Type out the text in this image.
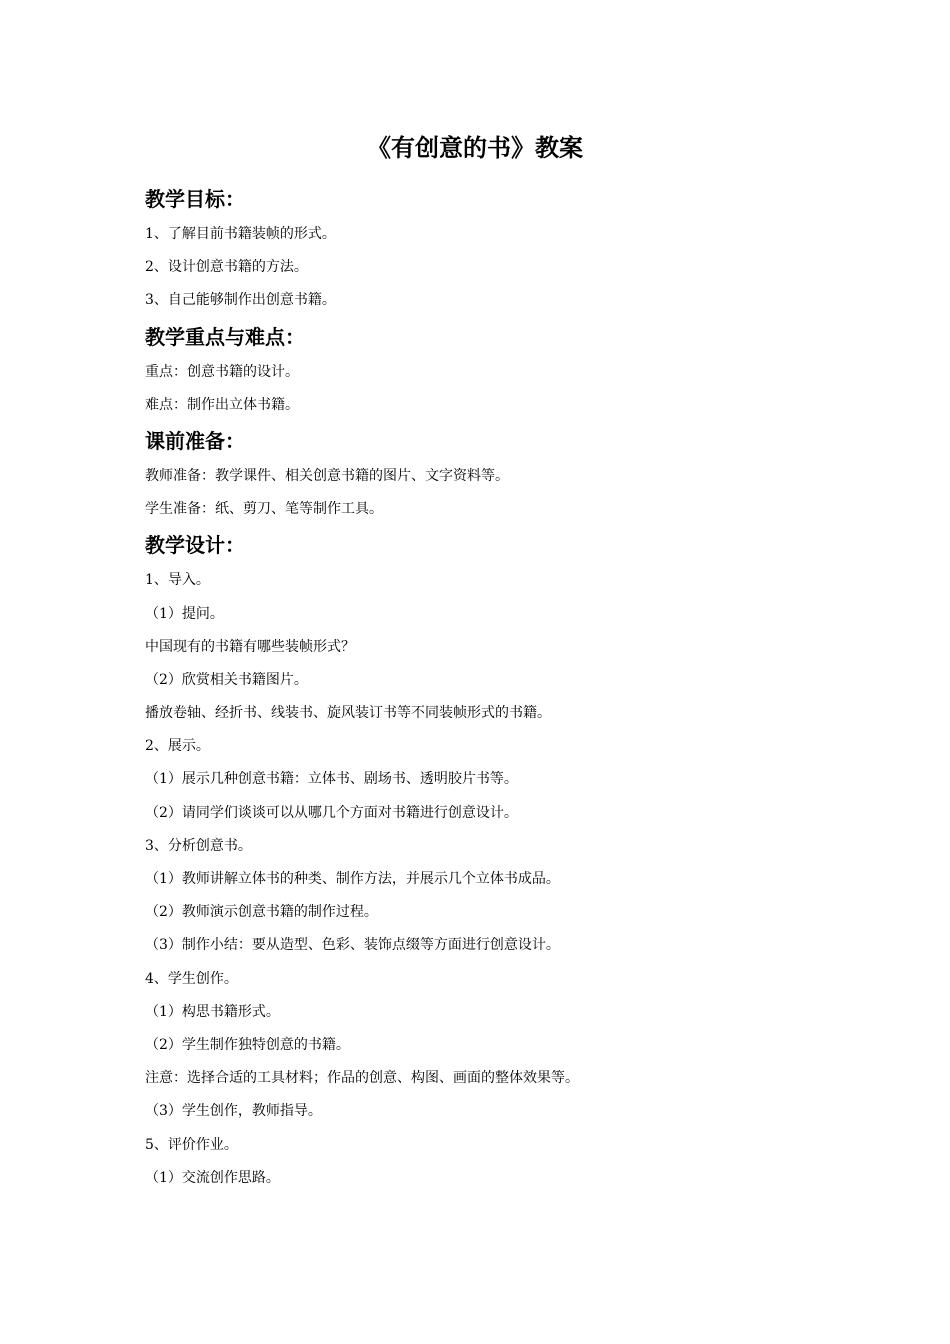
《有创意的书》教案
教学目标：

1、了解目前书籍装帧的形式。

2、设计创意书籍的方法。

3、自己能够制作出创意书籍。

教学重点与难点：

重点：创意书籍的设计。

难点：制作出立体书籍。

课前准备：

教师准备：教学课件、相关创意书籍的图片、文字资料等。

学生准备：纸、剪刀、笔等制作工具。

教学设计：

1、导入。

（1）提问。

中国现有的书籍有哪些装帧形式？

（2）欣赏相关书籍图片。

播放卷轴、经折书、线装书、旋风装订书等不同装帧形式的书籍。

2、展示。

（1）展示几种创意书籍：立体书、剧场书、透明胶片书等。

（2）请同学们谈谈可以从哪几个方面对书籍进行创意设计。

3、分析创意书。

（1）教师讲解立体书的种类、制作方法，并展示几个立体书成品。

（2）教师演示创意书籍的制作过程。

（3）制作小结：要从造型、色彩、装饰点缀等方面进行创意设计。

4、学生创作。

（1）构思书籍形式。

（2）学生制作独特创意的书籍。

注意：选择合适的工具材料；作品的创意、构图、画面的整体效果等。

（3）学生创作，教师指导。

5、评价作业。

（1）交流创作思路。
